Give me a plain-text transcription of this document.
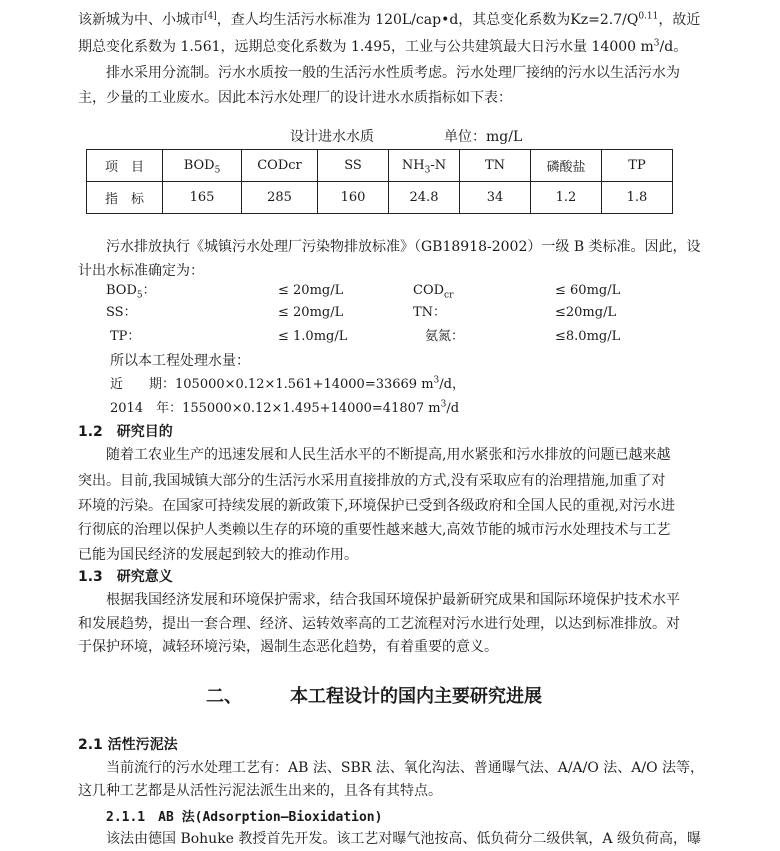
该新城为中、小城市[4]，查人均生活污水标准为 120L/cap•d，其总变化系数为$Kz=2.7/Q^{0.11}$，故近
期总变化系数为 1.561，远期总变化系数为 1.495，工业与公共建筑最大日污水量 14000 $m^3/d$。
排水采用分流制。污水水质按一般的生活污水性质考虑。污水处理厂接纳的污水以生活污水为
主，少量的工业废水。因此本污水处理厂的设计进水水质指标如下表：
设计进水水质	单位：mg/L
项　目	$BOD_5$	CODcr	SS	$NH_3-N$	TN	磷酸盐	TP
指　标	165	285	160	24.8	34	1.2	1.8
污水排放执行《城镇污水处理厂污染物排放标准》（GB18918-2002）一级 B 类标准。因此，设
计出水标准确定为：
$BOD_5$：	≤ 20mg/L	$COD_{cr}$	≤ 60mg/L
SS：	≤ 20mg/L	TN：	≤20mg/L
TP：	≤ 1.0mg/L	氨氮：	≤8.0mg/L
所以本工程处理水量：
近　　期：105000×0.12×1.561+14000=33669 $m^3/d$，
2014　年：155000×0.12×1.495+14000=41807 $m^3/d$
1.2　研究目的
随着工农业生产的迅速发展和人民生活水平的不断提高,用水紧张和污水排放的问题已越来越
突出。目前,我国城镇大部分的生活污水采用直接排放的方式,没有采取应有的治理措施,加重了对
环境的污染。在国家可持续发展的新政策下,环境保护已受到各级政府和全国人民的重视,对污水进
行彻底的治理以保护人类赖以生存的环境的重要性越来越大,高效节能的城市污水处理技术与工艺
已能为国民经济的发展起到较大的推动作用。
1.3　研究意义
根据我国经济发展和环境保护需求，结合我国环境保护最新研究成果和国际环境保护技术水平
和发展趋势，提出一套合理、经济、运转效率高的工艺流程对污水进行处理，以达到标准排放。对
于保护环境，减轻环境污染，遏制生态恶化趋势，有着重要的意义。
二、	本工程设计的国内主要研究进展
2.1 活性污泥法
当前流行的污水处理工艺有：AB 法、SBR 法、氧化沟法、普通曝气法、A/A/O 法、A/O 法等，
这几种工艺都是从活性污泥法派生出来的，且各有其特点。
2.1.1　AB 法(Adsorption—Bioxidation)
该法由德国 Bohuke 教授首先开发。该工艺对曝气池按高、低负荷分二级供氧，A 级负荷高，曝
